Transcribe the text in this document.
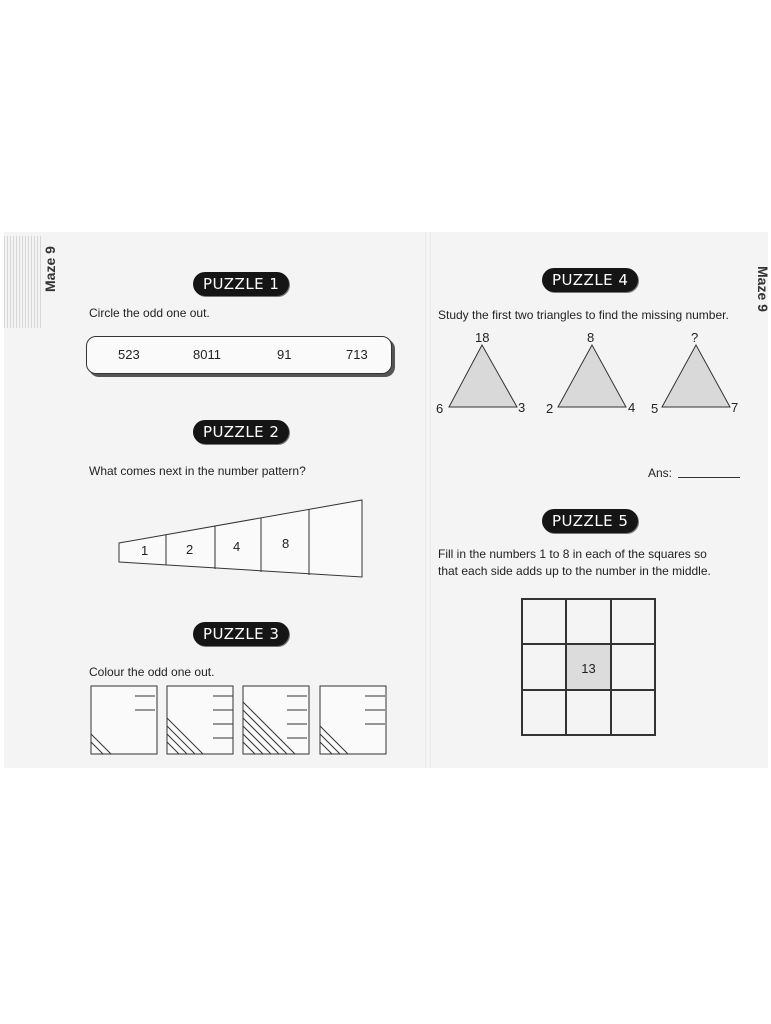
Maze 9	Maze 9
PUZZLE 1
Circle the odd one out.
523	8011	91	713
PUZZLE 2
What comes next in the number pattern?
1	2	4	8
PUZZLE 3
Colour the odd one out.
PUZZLE 4
Study the first two triangles to find the missing number.
18
6	3
8
2	4
?
5	7
Ans:
PUZZLE 5
Fill in the numbers 1 to 8 in each of the squares so
that each side adds up to the number in the middle.
13
